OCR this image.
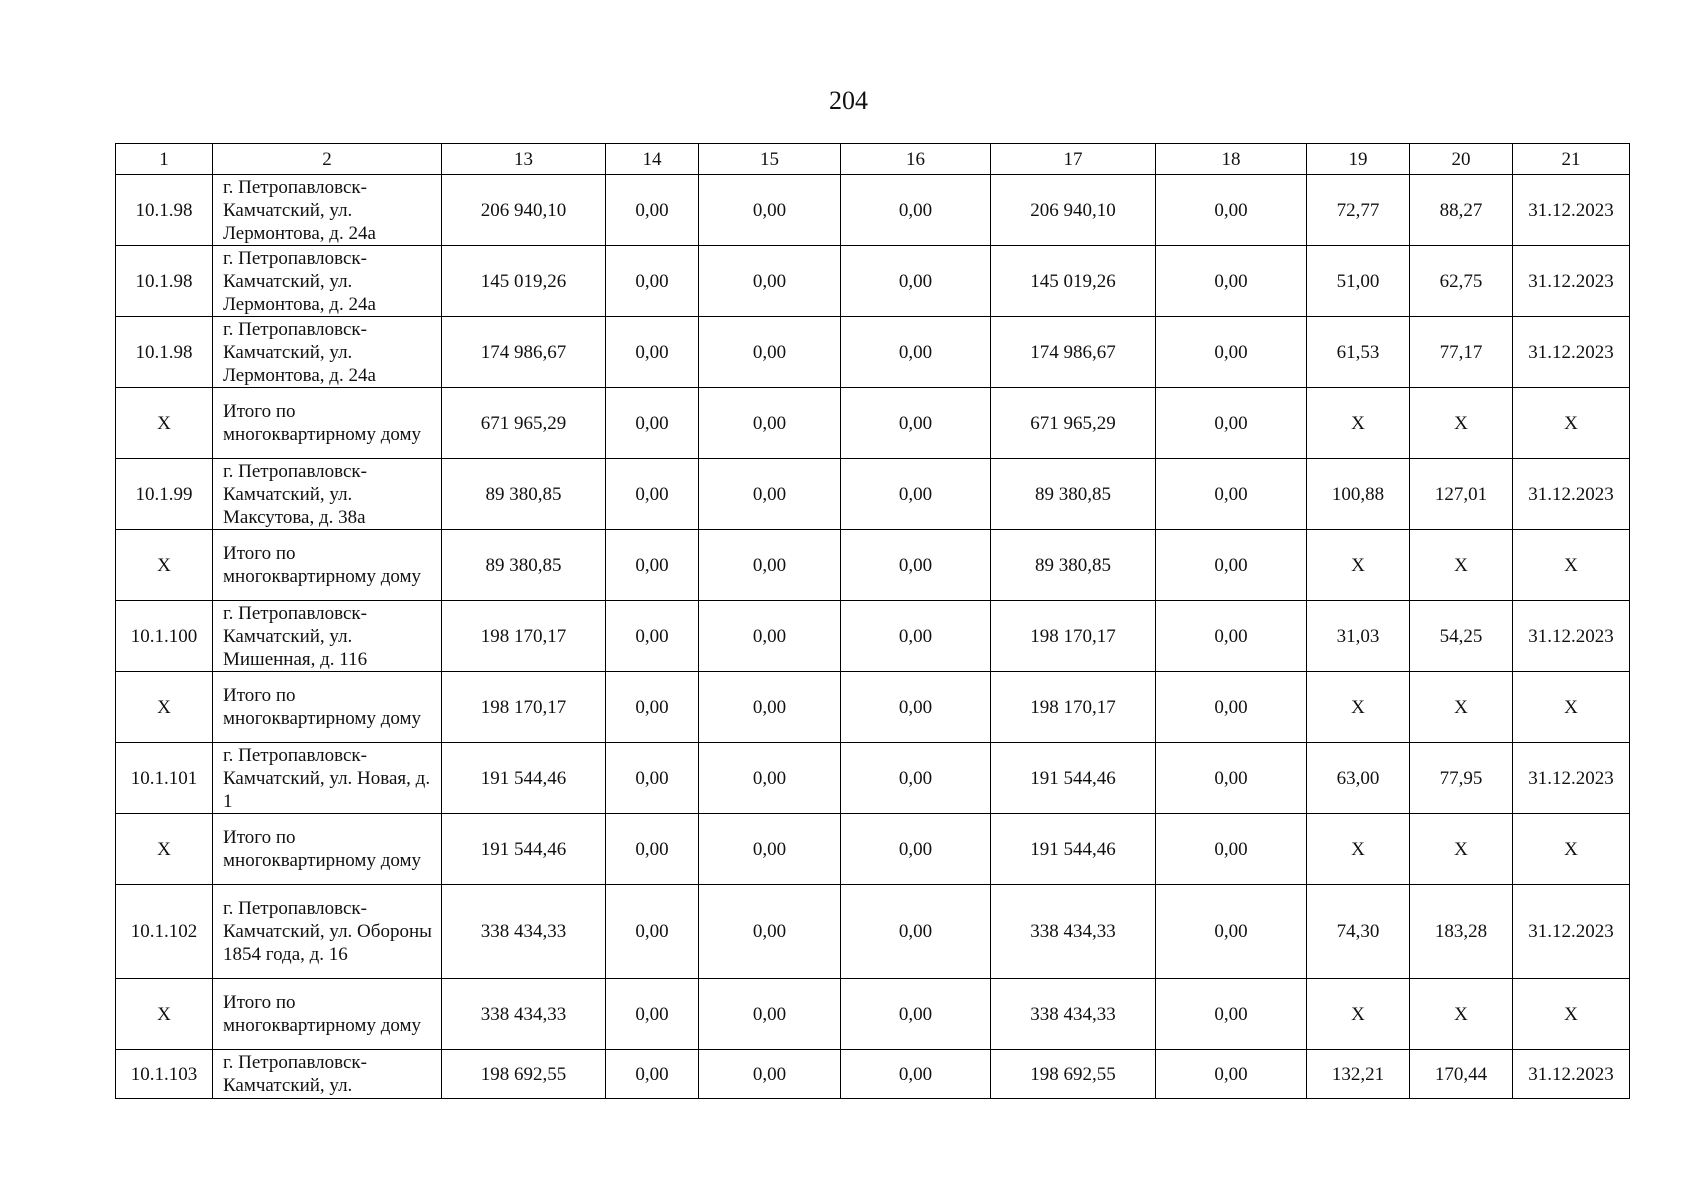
204
1	2	13	14	15	16	17	18	19	20	21
10.1.98	г. Петропавловск-Камчатский, ул. Лермонтова, д. 24а	206 940,10	0,00	0,00	0,00	206 940,10	0,00	72,77	88,27	31.12.2023
10.1.98	г. Петропавловск-Камчатский, ул. Лермонтова, д. 24а	145 019,26	0,00	0,00	0,00	145 019,26	0,00	51,00	62,75	31.12.2023
10.1.98	г. Петропавловск-Камчатский, ул. Лермонтова, д. 24а	174 986,67	0,00	0,00	0,00	174 986,67	0,00	61,53	77,17	31.12.2023
X	Итого по многоквартирному дому	671 965,29	0,00	0,00	0,00	671 965,29	0,00	X	X	X
10.1.99	г. Петропавловск-Камчатский, ул. Максутова, д. 38а	89 380,85	0,00	0,00	0,00	89 380,85	0,00	100,88	127,01	31.12.2023
X	Итого по многоквартирному дому	89 380,85	0,00	0,00	0,00	89 380,85	0,00	X	X	X
10.1.100	г. Петропавловск-Камчатский, ул. Мишенная, д. 116	198 170,17	0,00	0,00	0,00	198 170,17	0,00	31,03	54,25	31.12.2023
X	Итого по многоквартирному дому	198 170,17	0,00	0,00	0,00	198 170,17	0,00	X	X	X
10.1.101	г. Петропавловск-Камчатский, ул. Новая, д. 1	191 544,46	0,00	0,00	0,00	191 544,46	0,00	63,00	77,95	31.12.2023
X	Итого по многоквартирному дому	191 544,46	0,00	0,00	0,00	191 544,46	0,00	X	X	X
10.1.102	г. Петропавловск-Камчатский, ул. Обороны 1854 года, д. 16	338 434,33	0,00	0,00	0,00	338 434,33	0,00	74,30	183,28	31.12.2023
X	Итого по многоквартирному дому	338 434,33	0,00	0,00	0,00	338 434,33	0,00	X	X	X
10.1.103	г. Петропавловск-Камчатский, ул.	198 692,55	0,00	0,00	0,00	198 692,55	0,00	132,21	170,44	31.12.2023
